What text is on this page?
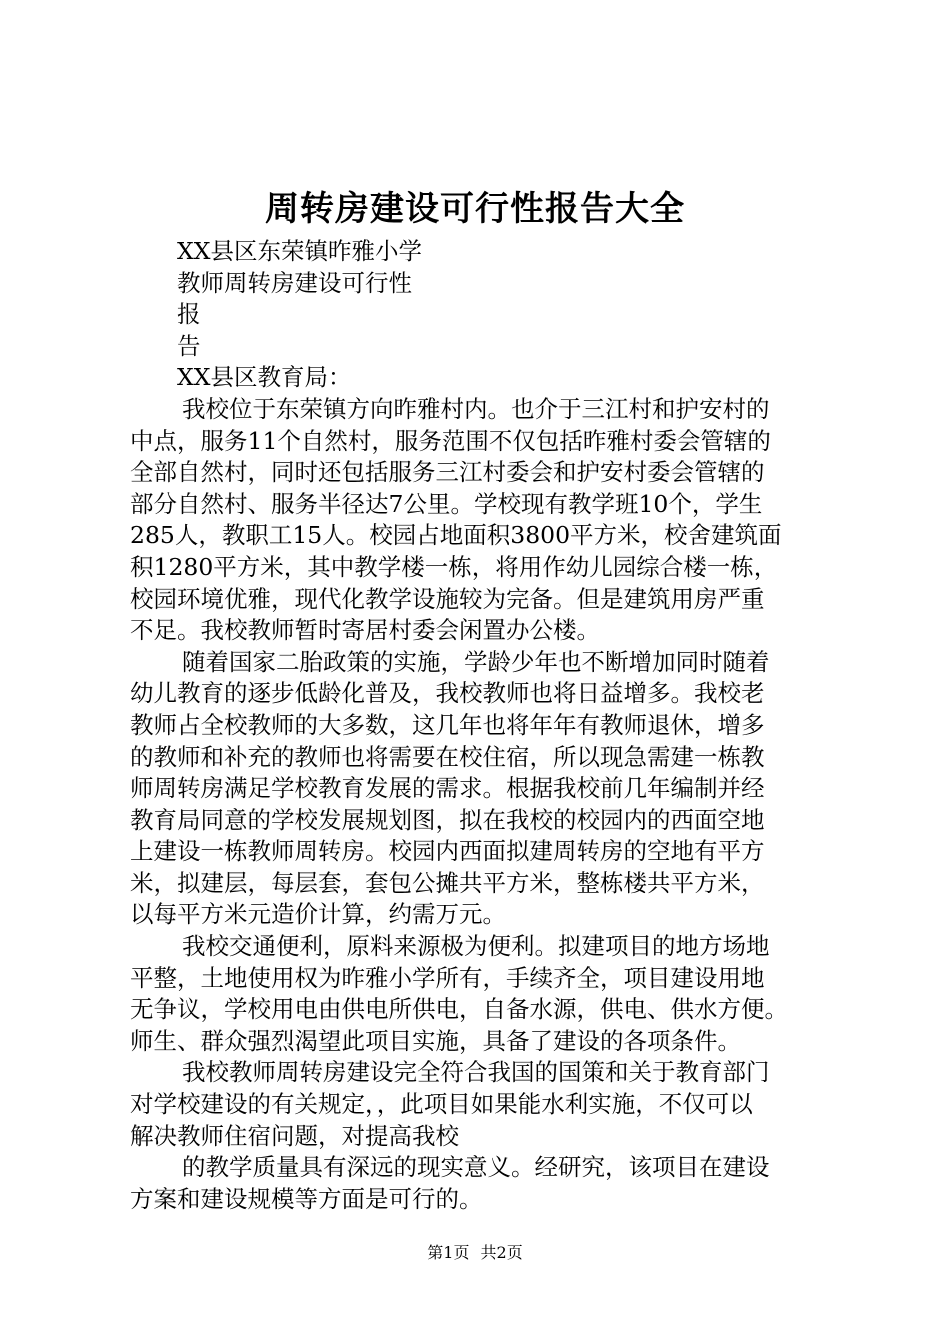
周转房建设可行性报告大全
XX县区东荣镇昨雅小学
教师周转房建设可行性
报
告
XX县区教育局：
我校位于东荣镇方向昨雅村内。也介于三江村和护安村的
中点，服务11个自然村，服务范围不仅包括昨雅村委会管辖的
全部自然村，同时还包括服务三江村委会和护安村委会管辖的
部分自然村、服务半径达7公里。学校现有教学班10个，学生
285人，教职工15人。校园占地面积3800平方米，校舍建筑面
积1280平方米，其中教学楼一栋，将用作幼儿园综合楼一栋，
校园环境优雅，现代化教学设施较为完备。但是建筑用房严重
不足。我校教师暂时寄居村委会闲置办公楼。
随着国家二胎政策的实施，学龄少年也不断增加同时随着
幼儿教育的逐步低龄化普及，我校教师也将日益增多。我校老
教师占全校教师的大多数，这几年也将年年有教师退休，增多
的教师和补充的教师也将需要在校住宿，所以现急需建一栋教
师周转房满足学校教育发展的需求。根据我校前几年编制并经
教育局同意的学校发展规划图，拟在我校的校园内的西面空地
上建设一栋教师周转房。校园内西面拟建周转房的空地有平方
米，拟建层，每层套，套包公摊共平方米，整栋楼共平方米，
以每平方米元造价计算，约需万元。
我校交通便利，原料来源极为便利。拟建项目的地方场地
平整，土地使用权为昨雅小学所有，手续齐全，项目建设用地
无争议，学校用电由供电所供电，自备水源，供电、供水方便。
师生、群众强烈渴望此项目实施，具备了建设的各项条件。
我校教师周转房建设完全符合我国的国策和关于教育部门
对学校建设的有关规定，，此项目如果能水利实施，不仅可以
解决教师住宿问题，对提高我校
的教学质量具有深远的现实意义。经研究，该项目在建设
方案和建设规模等方面是可行的。
第1页 共2页
